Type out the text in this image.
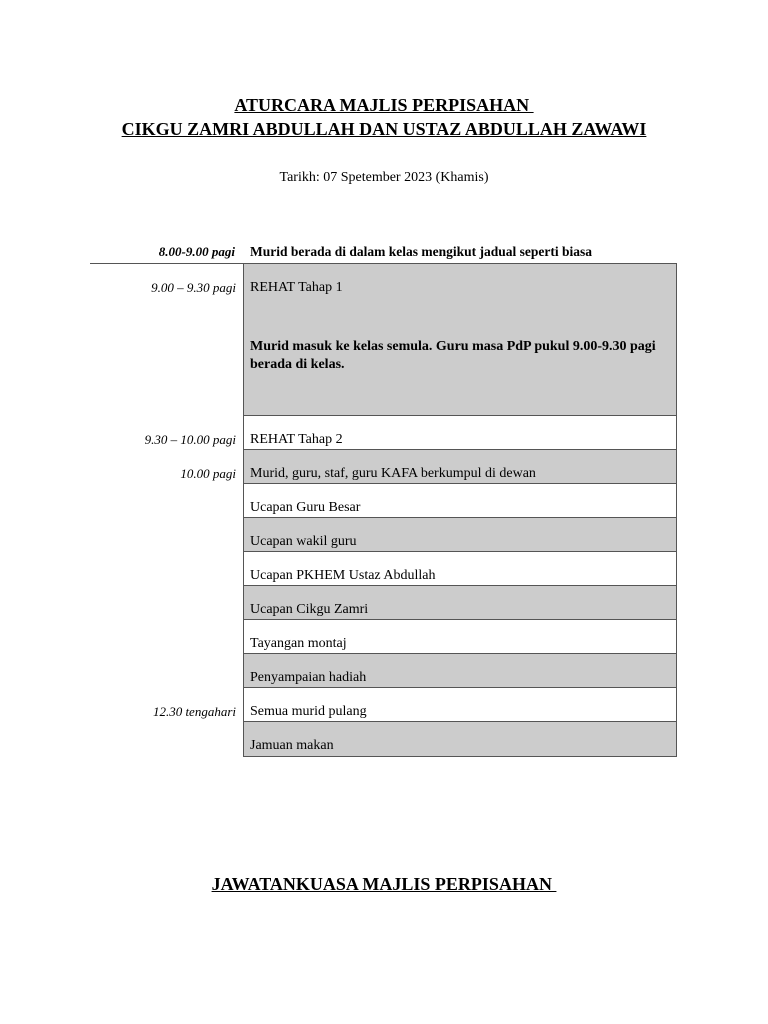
ATURCARA MAJLIS PERPISAHAN
CIKGU ZAMRI ABDULLAH DAN USTAZ ABDULLAH ZAWAWI
Tarikh: 07 Spetember 2023 (Khamis)
8.00-9.00 pagi Murid berada di dalam kelas mengikut jadual seperti biasa
9.00 – 9.30 pagi REHAT Tahap 1
Murid masuk ke kelas semula. Guru masa PdP pukul 9.00-9.30 pagi berada di kelas.
9.30 – 10.00 pagi REHAT Tahap 2
10.00 pagi Murid, guru, staf, guru KAFA berkumpul di dewan
Ucapan Guru Besar
Ucapan wakil guru
Ucapan PKHEM Ustaz Abdullah
Ucapan Cikgu Zamri
Tayangan montaj
Penyampaian hadiah
12.30 tengahari Semua murid pulang
Jamuan makan
JAWATANKUASA MAJLIS PERPISAHAN
